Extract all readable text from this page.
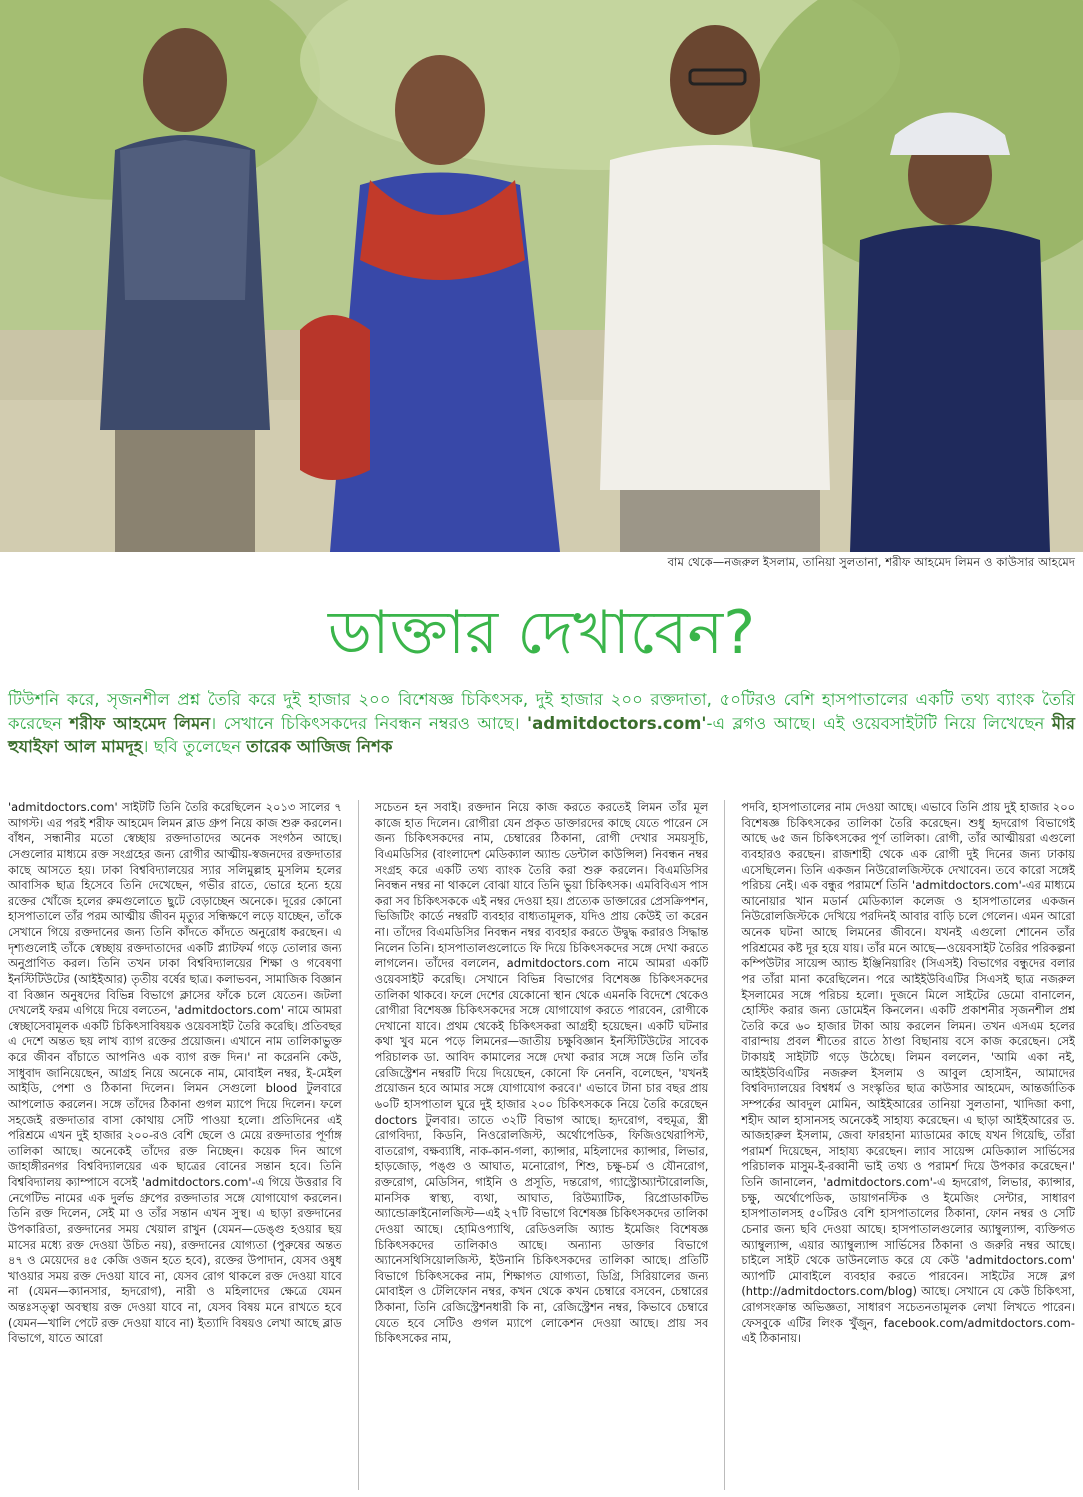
বাম থেকে—নজরুল ইসলাম, তানিয়া সুলতানা, শরীফ আহমেদ লিমন ও কাউসার আহমেদ
ডাক্তার দেখাবেন?
টিউশনি করে, সৃজনশীল প্রশ্ন তৈরি করে দুই হাজার ২০০ বিশেষজ্ঞ চিকিৎসক, দুই হাজার ২০০ রক্তদাতা, ৫০টিরও বেশি হাসপাতালের একটি তথ্য ব্যাংক তৈরি করেছেন শরীফ আহমেদ লিমন। সেখানে চিকিৎসকদের নিবন্ধন নম্বরও আছে। 'admitdoctors.com'-এ ব্লগও আছে। এই ওয়েবসাইটটি নিয়ে লিখেছেন মীর হুযাইফা আল মামদূহ। ছবি তুলেছেন তারেক আজিজ নিশক

'admitdoctors.com' সাইটটি তিনি তৈরি করেছিলেন ২০১৩ সালের ৭ আগস্ট। এর পরই শরীফ আহমেদ লিমন ব্লাড গ্রুপ নিয়ে কাজ শুরু করলেন। বাঁধন, সন্ধানীর মতো স্বেচ্ছায় রক্তদাতাদের অনেক সংগঠন আছে। সেগুলোর মাধ্যমে রক্ত সংগ্রহের জন্য রোগীর আত্মীয়-স্বজনদের রক্তদাতার কাছে আসতে হয়। ঢাকা বিশ্ববিদ্যালয়ের স্যার সলিমুল্লাহ মুসলিম হলের আবাসিক ছাত্র হিসেবে তিনি দেখেছেন, গভীর রাতে, ভোরে হন্যে হয়ে রক্তের খোঁজে হলের রুমগুলোতে ছুটে বেড়াচ্ছেন অনেকে। দূরের কোনো হাসপাতালে তাঁর পরম আত্মীয় জীবন মৃত্যুর সন্ধিক্ষণে লড়ে যাচ্ছেন, তাঁকে সেখানে গিয়ে রক্তদানের জন্য তিনি কাঁদতে কাঁদতে অনুরোধ করছেন। এ দৃশ্যগুলোই তাঁকে স্বেচ্ছায় রক্তদাতাদের একটি প্ল্যাটফর্ম গড়ে তোলার জন্য অনুপ্রাণিত করল। তিনি তখন ঢাকা বিশ্ববিদ্যালয়ের শিক্ষা ও গবেষণা ইনস্টিটিউটের (আইইআর) তৃতীয় বর্ষের ছাত্র। কলাভবন, সামাজিক বিজ্ঞান বা বিজ্ঞান অনুষদের বিভিন্ন বিভাগে ক্লাসের ফাঁকে চলে যেতেন। জটলা দেখলেই ফরম এগিয়ে দিয়ে বলতেন, 'admitdoctors.com' নামে আমরা স্বেচ্ছাসেবামূলক একটি চিকিৎসাবিষয়ক ওয়েবসাইট তৈরি করেছি। প্রতিবছর এ দেশে অন্তত ছয় লাখ ব্যাগ রক্তের প্রয়োজন। এখানে নাম তালিকাভুক্ত করে জীবন বাঁচাতে আপনিও এক ব্যাগ রক্ত দিন।' না করেননি কেউ, সাধুবাদ জানিয়েছেন, আগ্রহ নিয়ে অনেকে নাম, মোবাইল নম্বর, ই-মেইল আইডি, পেশা ও ঠিকানা দিলেন। লিমন সেগুলো blood টুলবারে আপলোড করলেন। সঙ্গে তাঁদের ঠিকানা গুগল ম্যাপে দিয়ে দিলেন। ফলে সহজেই রক্তদাতার বাসা কোথায় সেটি পাওয়া হলো। প্রতিদিনের এই পরিশ্রমে এখন দুই হাজার ২০০-রও বেশি ছেলে ও মেয়ে রক্তদাতার পূর্ণাঙ্গ তালিকা আছে। অনেকেই তাঁদের রক্ত নিচ্ছেন। কয়েক দিন আগে জাহাঙ্গীরনগর বিশ্ববিদ্যালয়ের এক ছাত্রের বোনের সন্তান হবে। তিনি বিশ্ববিদ্যালয় ক্যাম্পাসে বসেই 'admitdoctors.com'-এ গিয়ে উত্তরার বি নেগেটিভ নামের এক দুর্লভ গ্রুপের রক্তদাতার সঙ্গে যোগাযোগ করলেন। তিনি রক্ত দিলেন, সেই মা ও তাঁর সন্তান এখন সুস্থ। এ ছাড়া রক্তদানের উপকারিতা, রক্তদানের সময় খেয়াল রাখুন (যেমন—ডেঙ্গু হওয়ার ছয় মাসের মধ্যে রক্ত দেওয়া উচিত নয়), রক্তদানের যোগ্যতা (পুরুষের অন্তত ৪৭ ও মেয়েদের ৪৫ কেজি ওজন হতে হবে), রক্তের উপাদান, যেসব ওষুধ খাওয়ার সময় রক্ত দেওয়া যাবে না, যেসব রোগ থাকলে রক্ত দেওয়া যাবে না (যেমন—ক্যানসার, হৃদরোগ), নারী ও মহিলাদের ক্ষেত্রে যেমন অন্তঃসত্ত্বা অবস্থায় রক্ত দেওয়া যাবে না, যেসব বিষয় মনে রাখতে হবে (যেমন—খালি পেটে রক্ত দেওয়া যাবে না) ইত্যাদি বিষয়ও লেখা আছে ব্লাড বিভাগে, যাতে আরো

সচেতন হন সবাই। রক্তদান নিয়ে কাজ করতে করতেই লিমন তাঁর মূল কাজে হাত দিলেন। রোগীরা যেন প্রকৃত ডাক্তারদের কাছে যেতে পারেন সে জন্য চিকিৎসকদের নাম, চেম্বারের ঠিকানা, রোগী দেখার সময়সূচি, বিএমডিসির (বাংলাদেশ মেডিক্যাল অ্যান্ড ডেন্টাল কাউন্সিল) নিবন্ধন নম্বর সংগ্রহ করে একটি তথ্য ব্যাংক তৈরি করা শুরু করলেন। বিএমডিসির নিবন্ধন নম্বর না থাকলে বোঝা যাবে তিনি ভুয়া চিকিৎসক। এমবিবিএস পাস করা সব চিকিৎসককে এই নম্বর দেওয়া হয়। প্রত্যেক ডাক্তারের প্রেসক্রিপশন, ভিজিটিং কার্ডে নম্বরটি ব্যবহার বাধ্যতামূলক, যদিও প্রায় কেউই তা করেন না। তাঁদের বিএমডিসির নিবন্ধন নম্বর ব্যবহার করতে উদ্বুদ্ধ করারও সিদ্ধান্ত নিলেন তিনি। হাসপাতালগুলোতে ফি দিয়ে চিকিৎসকদের সঙ্গে দেখা করতে লাগলেন। তাঁদের বললেন, admitdoctors.com নামে আমরা একটি ওয়েবসাইট করেছি। সেখানে বিভিন্ন বিভাগের বিশেষজ্ঞ চিকিৎসকদের তালিকা থাকবে। ফলে দেশের যেকোনো স্থান থেকে এমনকি বিদেশে থেকেও রোগীরা বিশেষজ্ঞ চিকিৎসকদের সঙ্গে যোগাযোগ করতে পারবেন, রোগীকে দেখানো যাবে। প্রথম থেকেই চিকিৎসকরা আগ্রহী হয়েছেন। একটি ঘটনার কথা খুব মনে পড়ে লিমনের—জাতীয় চক্ষুবিজ্ঞান ইনস্টিটিউটের সাবেক পরিচালক ডা. আবিদ কামালের সঙ্গে দেখা করার সঙ্গে সঙ্গে তিনি তাঁর রেজিস্ট্রেশন নম্বরটি দিয়ে দিয়েছেন, কোনো ফি নেননি, বলেছেন, 'যখনই প্রয়োজন হবে আমার সঙ্গে যোগাযোগ করবে।' এভাবে টানা চার বছর প্রায় ৬০টি হাসপাতাল ঘুরে দুই হাজার ২০০ চিকিৎসককে নিয়ে তৈরি করেছেন doctors টুলবার। তাতে ৩২টি বিভাগ আছে। হৃদরোগ, বহুমূত্র, স্ত্রী রোগবিদ্যা, কিডনি, নিওরোলজিস্ট, অর্থোপেডিক, ফিজিওথেরাপিস্ট, বাতরোগ, বক্ষব্যাধি, নাক-কান-গলা, ক্যান্সার, মহিলাদের ক্যান্সার, লিভার, হাড়জোড়, পঙ্গু ও আঘাত, মনোরোগ, শিশু, চক্ষু-চর্ম ও যৌনরোগ, রক্তরোগ, মেডিসিন, গাইনি ও প্রসূতি, দন্তরোগ, গ্যাস্ট্রোঅ্যান্টারোলজি, মানসিক স্বাস্থ্য, ব্যথা, আঘাত, রিউম্যাটিক, রিপ্রোডাকটিভ অ্যান্ডোক্রাইনোলজিস্ট—এই ২৭টি বিভাগে বিশেষজ্ঞ চিকিৎসকদের তালিকা দেওয়া আছে। হোমিওপ্যাথি, রেডিওলজি অ্যান্ড ইমেজিং বিশেষজ্ঞ চিকিৎসকদের তালিকাও আছে। অন্যান্য ডাক্তার বিভাগে অ্যানেসথিসিয়োলজিস্ট, ইউনানি চিকিৎসকদের তালিকা আছে। প্রতিটি বিভাগে চিকিৎসকের নাম, শিক্ষাগত যোগ্যতা, ডিগ্রি, সিরিয়ালের জন্য মোবাইল ও টেলিফোন নম্বর, কখন থেকে কখন চেম্বারে বসবেন, চেম্বারের ঠিকানা, তিনি রেজিস্ট্রেশনধারী কি না, রেজিস্ট্রেশন নম্বর, কিভাবে চেম্বারে যেতে হবে সেটিও গুগল ম্যাপে লোকেশন দেওয়া আছে। প্রায় সব চিকিৎসকের নাম,

পদবি, হাসপাতালের নাম দেওয়া আছে। এভাবে তিনি প্রায় দুই হাজার ২০০ বিশেষজ্ঞ চিকিৎসকের তালিকা তৈরি করেছেন। শুধু হৃদরোগ বিভাগেই আছে ৬৫ জন চিকিৎসকের পূর্ণ তালিকা। রোগী, তাঁর আত্মীয়রা এগুলো ব্যবহারও করছেন। রাজশাহী থেকে এক রোগী দুই দিনের জন্য ঢাকায় এসেছিলেন। তিনি একজন নিউরোলজিস্টকে দেখাবেন। তবে কারো সঙ্গেই পরিচয় নেই। এক বন্ধুর পরামর্শে তিনি 'admitdoctors.com'-এর মাধ্যমে আনোয়ার খান মডার্ন মেডিক্যাল কলেজ ও হাসপাতালের একজন নিউরোলজিস্টকে দেখিয়ে পরদিনই আবার বাড়ি চলে গেলেন। এমন আরো অনেক ঘটনা আছে লিমনের জীবনে। যখনই এগুলো শোনেন তাঁর পরিশ্রমের কষ্ট দূর হয়ে যায়। তাঁর মনে আছে—ওয়েবসাইট তৈরির পরিকল্পনা কম্পিউটার সায়েন্স অ্যান্ড ইঞ্জিনিয়ারিং (সিএসই) বিভাগের বন্ধুদের বলার পর তাঁরা মানা করেছিলেন। পরে আইইউবিএটির সিএসই ছাত্র নজরুল ইসলামের সঙ্গে পরিচয় হলো। দুজনে মিলে সাইটের ডেমো বানালেন, হোস্টিং করার জন্য ডোমেইন কিনলেন। একটি প্রকাশনীর সৃজনশীল প্রশ্ন তৈরি করে ৬০ হাজার টাকা আয় করলেন লিমন। তখন এসএম হলের বারান্দায় প্রবল শীতের রাতে ঠাণ্ডা বিছানায় বসে কাজ করেছেন। সেই টাকায়ই সাইটটি গড়ে উঠেছে। লিমন বললেন, 'আমি একা নই, আইইউবিএটির নজরুল ইসলাম ও আবুল হোসাইন, আমাদের বিশ্ববিদ্যালয়ের বিশ্বধর্ম ও সংস্কৃতির ছাত্র কাউসার আহমেদ, আন্তর্জাতিক সম্পর্কের আবদুল মোমিন, আইইআরের তানিয়া সুলতানা, খাদিজা কণা, শহীদ আল হাসানসহ অনেকেই সাহায্য করেছেন। এ ছাড়া আইইআরের ড. আজহারুল ইসলাম, জেবা ফারহানা ম্যাডামের কাছে যখন গিয়েছি, তাঁরা পরামর্শ দিয়েছেন, সাহায্য করেছেন। ল্যাব সায়েন্স মেডিক্যাল সার্ভিসের পরিচালক মাসুম-ই-রব্বানী ভাই তথ্য ও পরামর্শ দিয়ে উপকার করেছেন।' তিনি জানালেন, 'admitdoctors.com'-এ হৃদরোগ, লিভার, ক্যান্সার, চক্ষু, অর্থোপেডিক, ডায়াগনস্টিক ও ইমেজিং সেন্টার, সাধারণ হাসপাতালসহ ৫০টিরও বেশি হাসপাতালের ঠিকানা, ফোন নম্বর ও সেটি চেনার জন্য ছবি দেওয়া আছে। হাসপাতালগুলোর অ্যাম্বুল্যান্স, ব্যক্তিগত অ্যাম্বুল্যান্স, এয়ার অ্যাম্বুল্যান্স সার্ভিসের ঠিকানা ও জরুরি নম্বর আছে। চাইলে সাইট থেকে ডাউনলোড করে যে কেউ 'admitdoctors.com' অ্যাপটি মোবাইলে ব্যবহার করতে পারবেন। সাইটের সঙ্গে ব্লগ (http://admitdoctors.com/blog) আছে। সেখানে যে কেউ চিকিৎসা, রোগসংক্রান্ত অভিজ্ঞতা, সাধারণ সচেতনতামূলক লেখা লিখতে পারেন। ফেসবুকে এটির লিংক খুঁজুন, facebook.com/admitdoctors.com-এই ঠিকানায়।
